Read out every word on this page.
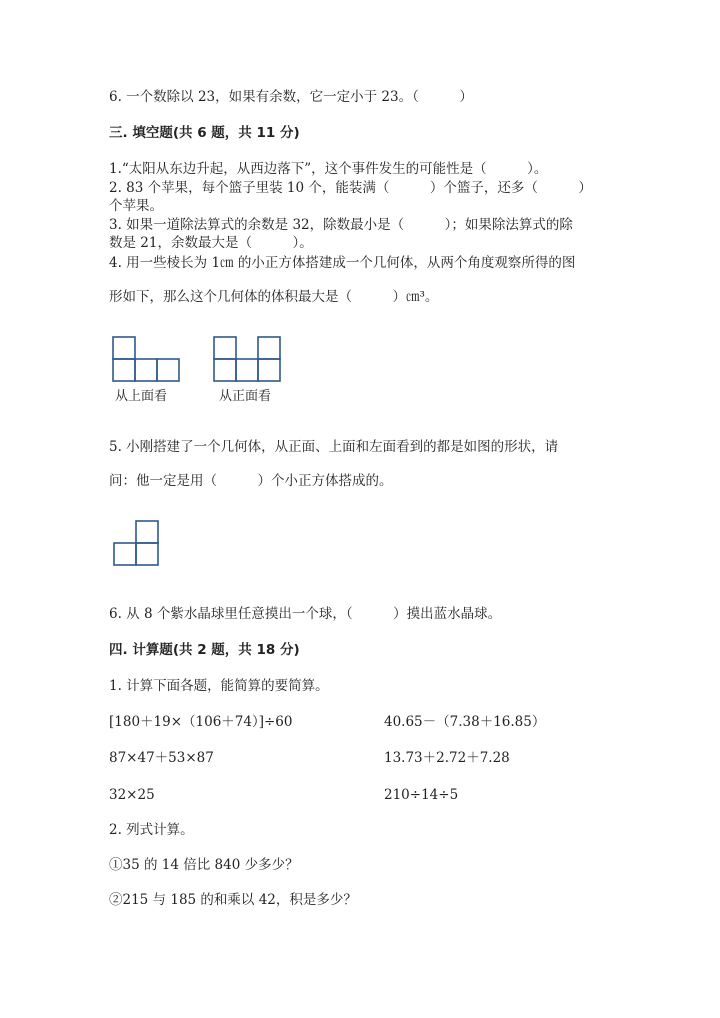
6. 一个数除以 23，如果有余数，它一定小于 23。（　　　）
三. 填空题(共 6 题，共 11 分)
1.“太阳从东边升起，从西边落下”，这个事件发生的可能性是（　　　）。
2. 83 个苹果，每个篮子里装 10 个，能装满（　　　）个篮子，还多（　　　）
个苹果。
3. 如果一道除法算式的余数是 32，除数最小是（　　　）；如果除法算式的除
数是 21，余数最大是（　　　）。
4. 用一些棱长为 1㎝ 的小正方体搭建成一个几何体，从两个角度观察所得的图
形如下，那么这个几何体的体积最大是（　　　）㎝³。
从上面看	从正面看
5. 小刚搭建了一个几何体，从正面、上面和左面看到的都是如图的形状，请
问：他一定是用（　　　）个小正方体搭成的。
6. 从 8 个紫水晶球里任意摸出一个球，（　　　）摸出蓝水晶球。
四. 计算题(共 2 题，共 18 分)
1. 计算下面各题，能简算的要简算。
[180＋19×（106＋74）]÷60	40.65－（7.38＋16.85）
87×47＋53×87	13.73＋2.72＋7.28
32×25	210÷14÷5
2. 列式计算。
①35 的 14 倍比 840 少多少？
②215 与 185 的和乘以 42，积是多少？
